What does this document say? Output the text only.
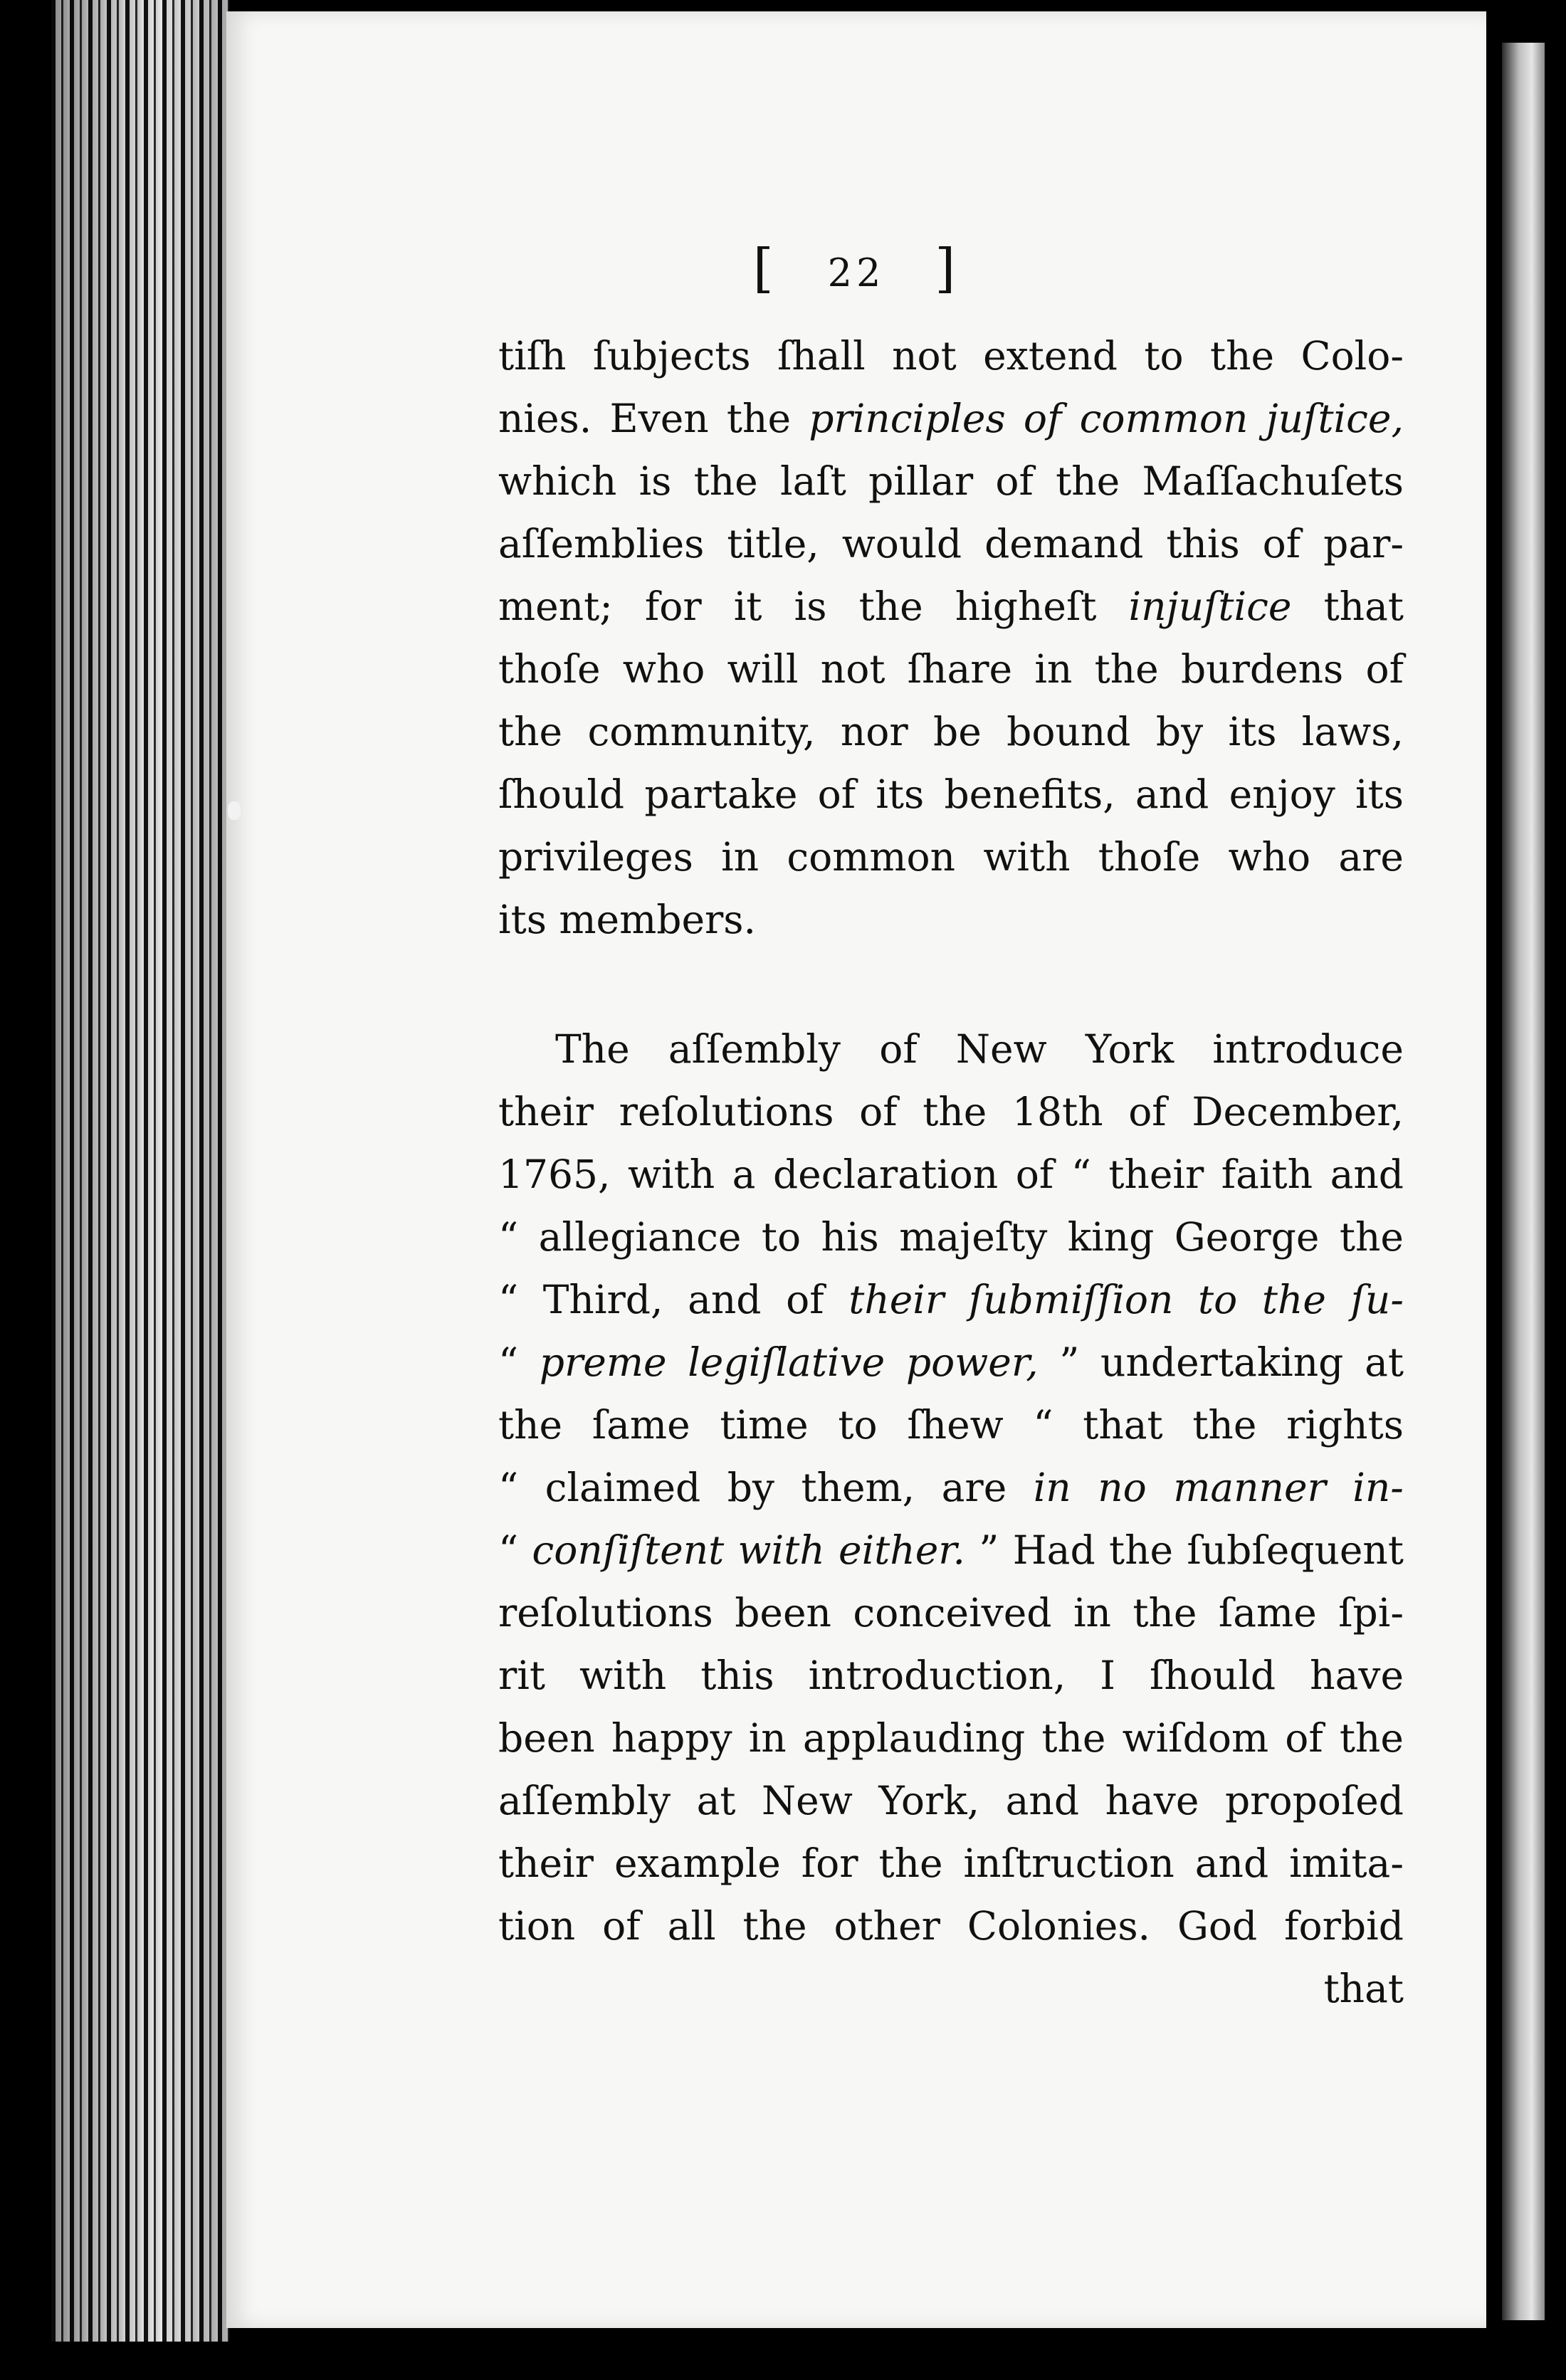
[ 22 ]
tiſh ſubjects ſhall not extend to the Colo-
nies. Even the principles of common juſtice,
which is the laſt pillar of the Maſſachuſets
aſſemblies title, would demand this of par-
ment; for it is the higheſt injuſtice that
thoſe who will not ſhare in the burdens of
the community, nor be bound by its laws,
ſhould partake of its benefits, and enjoy its
privileges in common with thoſe who are
its members.
The aſſembly of New York introduce
their reſolutions of the 18th of December,
1765, with a declaration of “ their faith and
“ allegiance to his majeſty king George the
“ Third, and of their ſubmiſſion to the ſu-
“ preme legiſlative power, ” undertaking at
the ſame time to ſhew “ that the rights
“ claimed by them, are in no manner in-
“ conſiſtent with either. ” Had the ſubſequent
reſolutions been conceived in the ſame ſpi-
rit with this introduction, I ſhould have
been happy in applauding the wiſdom of the
aſſembly at New York, and have propoſed
their example for the inſtruction and imita-
tion of all the other Colonies. God forbid
that
